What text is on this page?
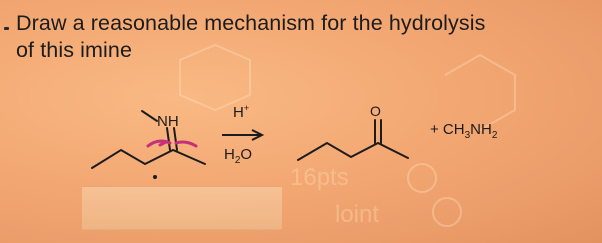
16pts
loint
Draw a reasonable mechanism for the hydrolysis
of this imine
NH
H+
$H_2O$
O
+ $CH_3NH_2$
